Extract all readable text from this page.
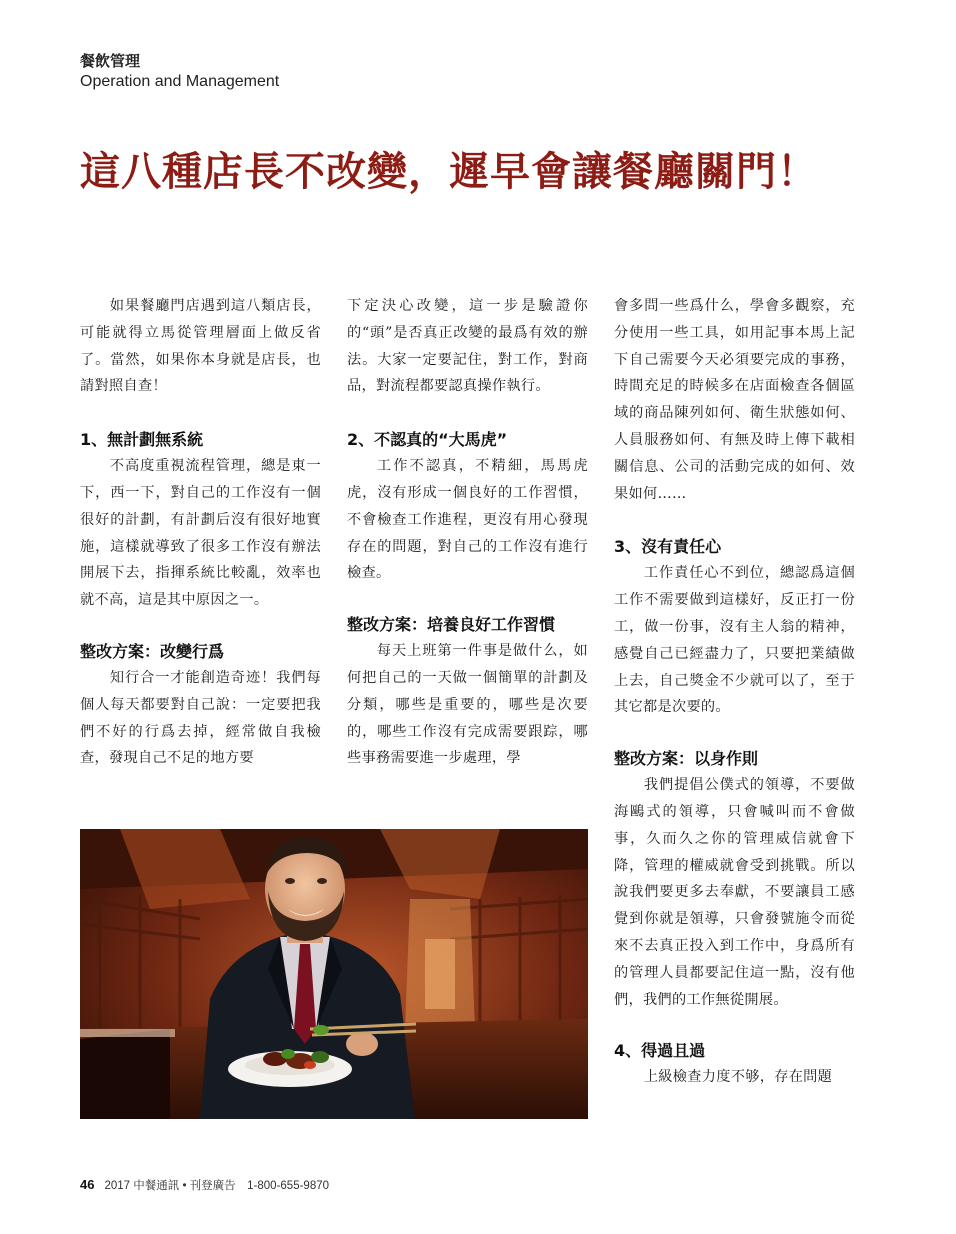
餐飲管理
Operation and Management
這八種店長不改變，遲早會讓餐廳關門！

如果餐廳門店遇到這八類店長，可能就得立馬從管理層面上做反省了。當然，如果你本身就是店長，也請對照自查！

1、無計劃無系統

不高度重視流程管理，總是東一下，西一下，對自己的工作沒有一個很好的計劃，有計劃后沒有很好地實施，這樣就導致了很多工作沒有辦法開展下去，指揮系統比較亂，效率也就不高，這是其中原因之一。

整改方案：改變行爲

知行合一才能創造奇迹！我們每個人每天都要對自己說：一定要把我們不好的行爲去掉，經常做自我檢查，發現自己不足的地方要

下定決心改變，這一步是驗證你的“頭”是否真正改變的最爲有效的辦法。大家一定要記住，對工作，對商品，對流程都要認真操作執行。

2、不認真的“大馬虎”

工作不認真，不精細，馬馬虎虎，沒有形成一個良好的工作習慣，不會檢查工作進程，更沒有用心發現存在的問題，對自己的工作沒有進行檢查。

整改方案：培養良好工作習慣

每天上班第一件事是做什么，如何把自己的一天做一個簡單的計劃及分類，哪些是重要的，哪些是次要的，哪些工作沒有完成需要跟踪，哪些事務需要進一步處理，學

會多問一些爲什么，學會多觀察，充分使用一些工具，如用記事本馬上記下自己需要今天必須要完成的事務，時間充足的時候多在店面檢查各個區域的商品陳列如何、衛生狀態如何、人員服務如何、有無及時上傳下載相關信息、公司的活動完成的如何、效果如何……

3、沒有責任心

工作責任心不到位，總認爲這個工作不需要做到這樣好，反正打一份工，做一份事，沒有主人翁的精神，感覺自己已經盡力了，只要把業績做上去，自己獎金不少就可以了，至于其它都是次要的。

整改方案：以身作則

我們提倡公僕式的領導，不要做海鷗式的領導，只會喊叫而不會做事，久而久之你的管理威信就會下降，管理的權威就會受到挑戰。所以說我們要更多去奉獻，不要讓員工感覺到你就是領導，只會發號施令而從來不去真正投入到工作中，身爲所有的管理人員都要記住這一點，沒有他們，我們的工作無從開展。

4、得過且過

上級檢查力度不够，存在問題

46 2017 中餐通訊 • 刊登廣告　1-800-655-9870
